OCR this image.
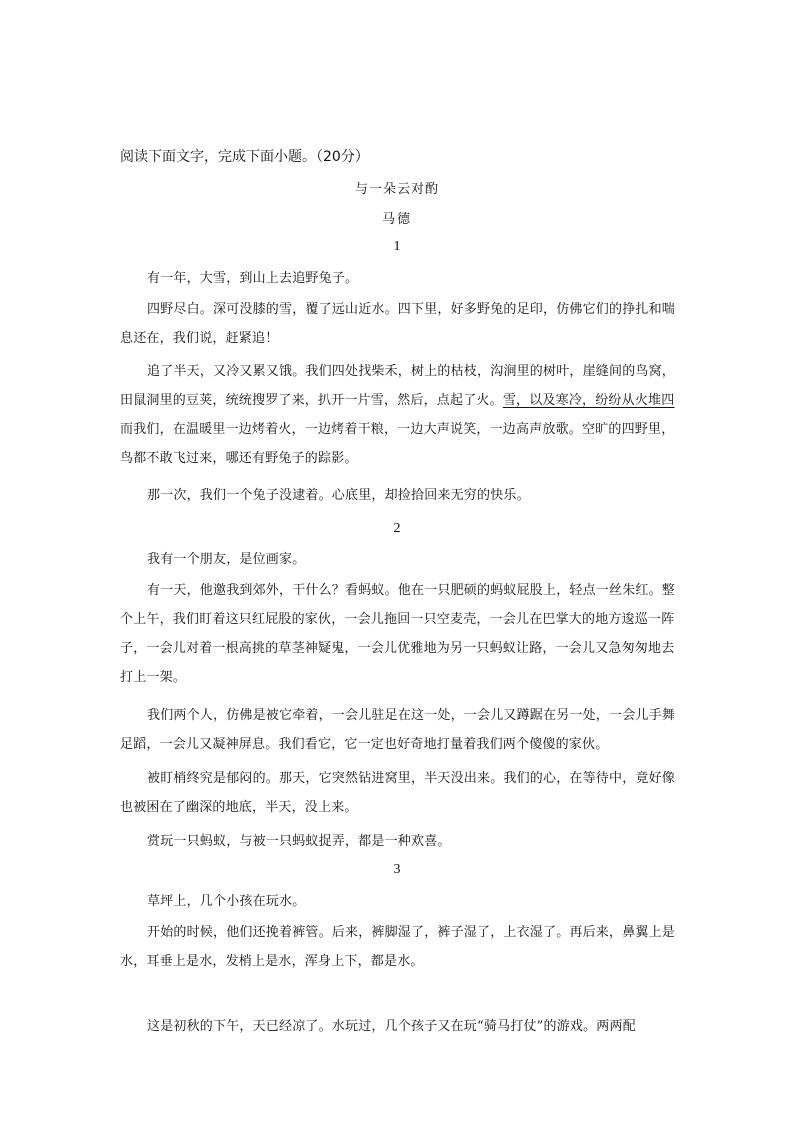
阅读下面文字，完成下面小题。（20分）
与一朵云对酌
马德
1
有一年，大雪，到山上去追野兔子。
四野尽白。深可没膝的雪，覆了远山近水。四下里，好多野兔的足印，仿佛它们的挣扎和喘息还在，我们说，赶紧追！
追了半天，又冷又累又饿。我们四处找柴禾，树上的枯枝，沟涧里的树叶，崖缝间的鸟窝，田鼠洞里的豆荚，统统搜罗了来，扒开一片雪，然后，点起了火。雪，以及寒冷，纷纷从火堆四
而我们，在温暖里一边烤着火，一边烤着干粮，一边大声说笑，一边高声放歌。空旷的四野里，鸟都不敢飞过来，哪还有野兔子的踪影。
那一次，我们一个兔子没逮着。心底里，却捡拾回来无穷的快乐。
2
我有一个朋友，是位画家。
有一天，他邀我到郊外，干什么？看蚂蚁。他在一只肥硕的蚂蚁屁股上，轻点一丝朱红。整个上午，我们盯着这只红屁股的家伙，一会儿拖回一只空麦壳，一会儿在巴掌大的地方逡巡一阵子，一会儿对着一根高挑的草茎神疑鬼，一会儿优雅地为另一只蚂蚁让路，一会儿又急匆匆地去打上一架。
我们两个人，仿佛是被它牵着，一会儿驻足在这一处，一会儿又蹲踞在另一处，一会儿手舞足蹈，一会儿又凝神屏息。我们看它，它一定也好奇地打量着我们两个傻傻的家伙。
被盯梢终究是郁闷的。那天，它突然钻进窝里，半天没出来。我们的心，在等待中，竟好像也被困在了幽深的地底，半天，没上来。
赏玩一只蚂蚁，与被一只蚂蚁捉弄，都是一种欢喜。
3
草坪上，几个小孩在玩水。
开始的时候，他们还挽着裤管。后来，裤脚湿了，裤子湿了，上衣湿了。再后来，鼻翼上是水，耳垂上是水，发梢上是水，浑身上下，都是水。
这是初秋的下午，天已经凉了。水玩过，几个孩子又在玩“骑马打仗”的游戏。两两配
